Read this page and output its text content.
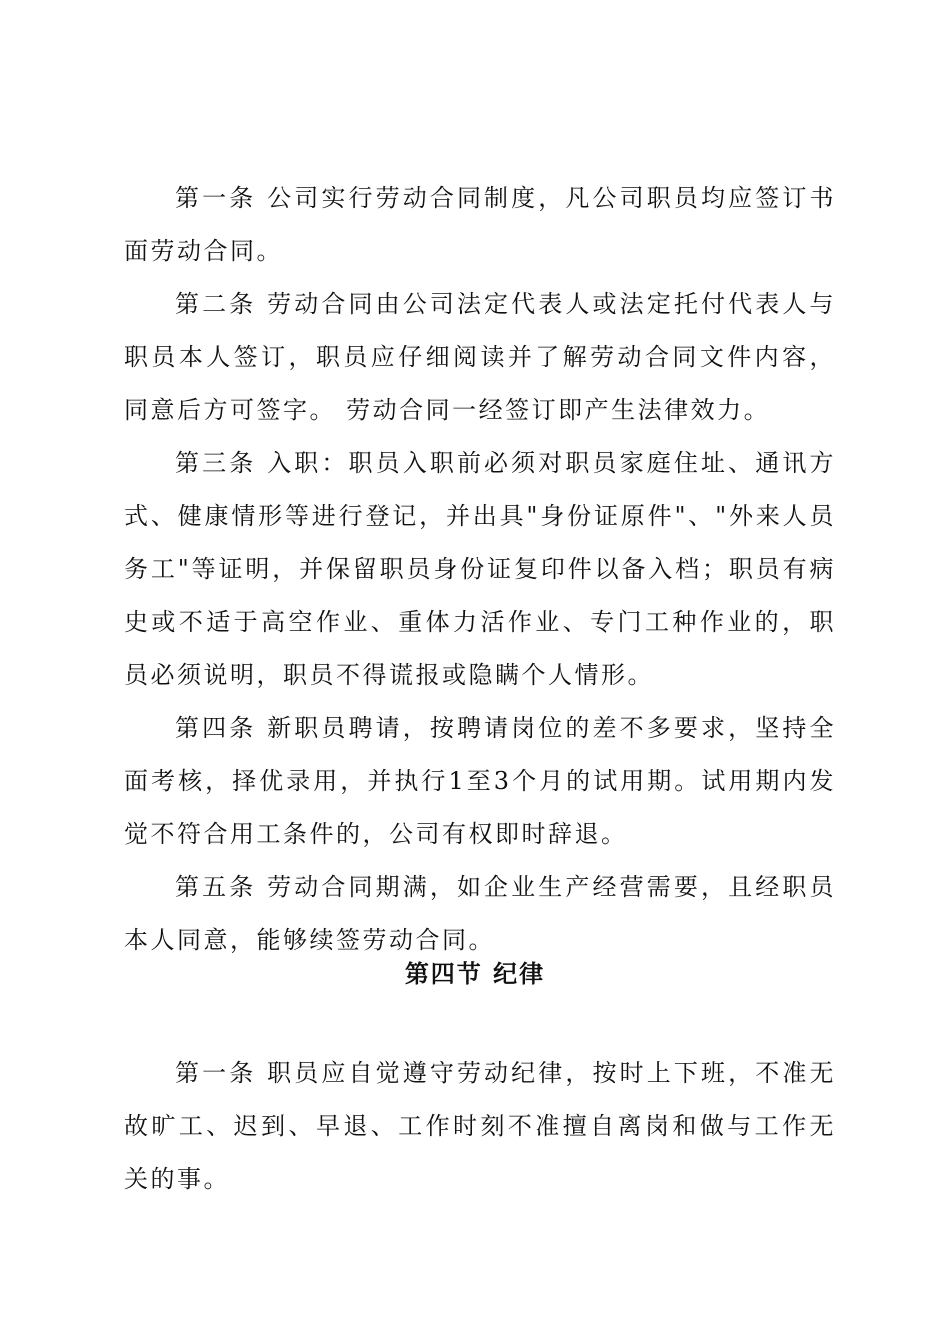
第一条 公司实行劳动合同制度，凡公司职员均应签订书面劳动合同。

第二条 劳动合同由公司法定代表人或法定托付代表人与职员本人签订，职员应仔细阅读并了解劳动合同文件内容，同意后方可签字。 劳动合同一经签订即产生法律效力。

第三条 入职：职员入职前必须对职员家庭住址、通讯方式、健康情形等进行登记，并出具"身份证原件"、"外来人员务工"等证明，并保留职员身份证复印件以备入档；职员有病史或不适于高空作业、重体力活作业、专门工种作业的，职员必须说明，职员不得谎报或隐瞒个人情形。

第四条 新职员聘请，按聘请岗位的差不多要求，坚持全面考核，择优录用，并执行1至3个月的试用期。试用期内发觉不符合用工条件的，公司有权即时辞退。

第五条 劳动合同期满，如企业生产经营需要，且经职员本人同意，能够续签劳动合同。

第四节 纪律

第一条 职员应自觉遵守劳动纪律，按时上下班，不准无故旷工、迟到、早退、工作时刻不准擅自离岗和做与工作无关的事。
